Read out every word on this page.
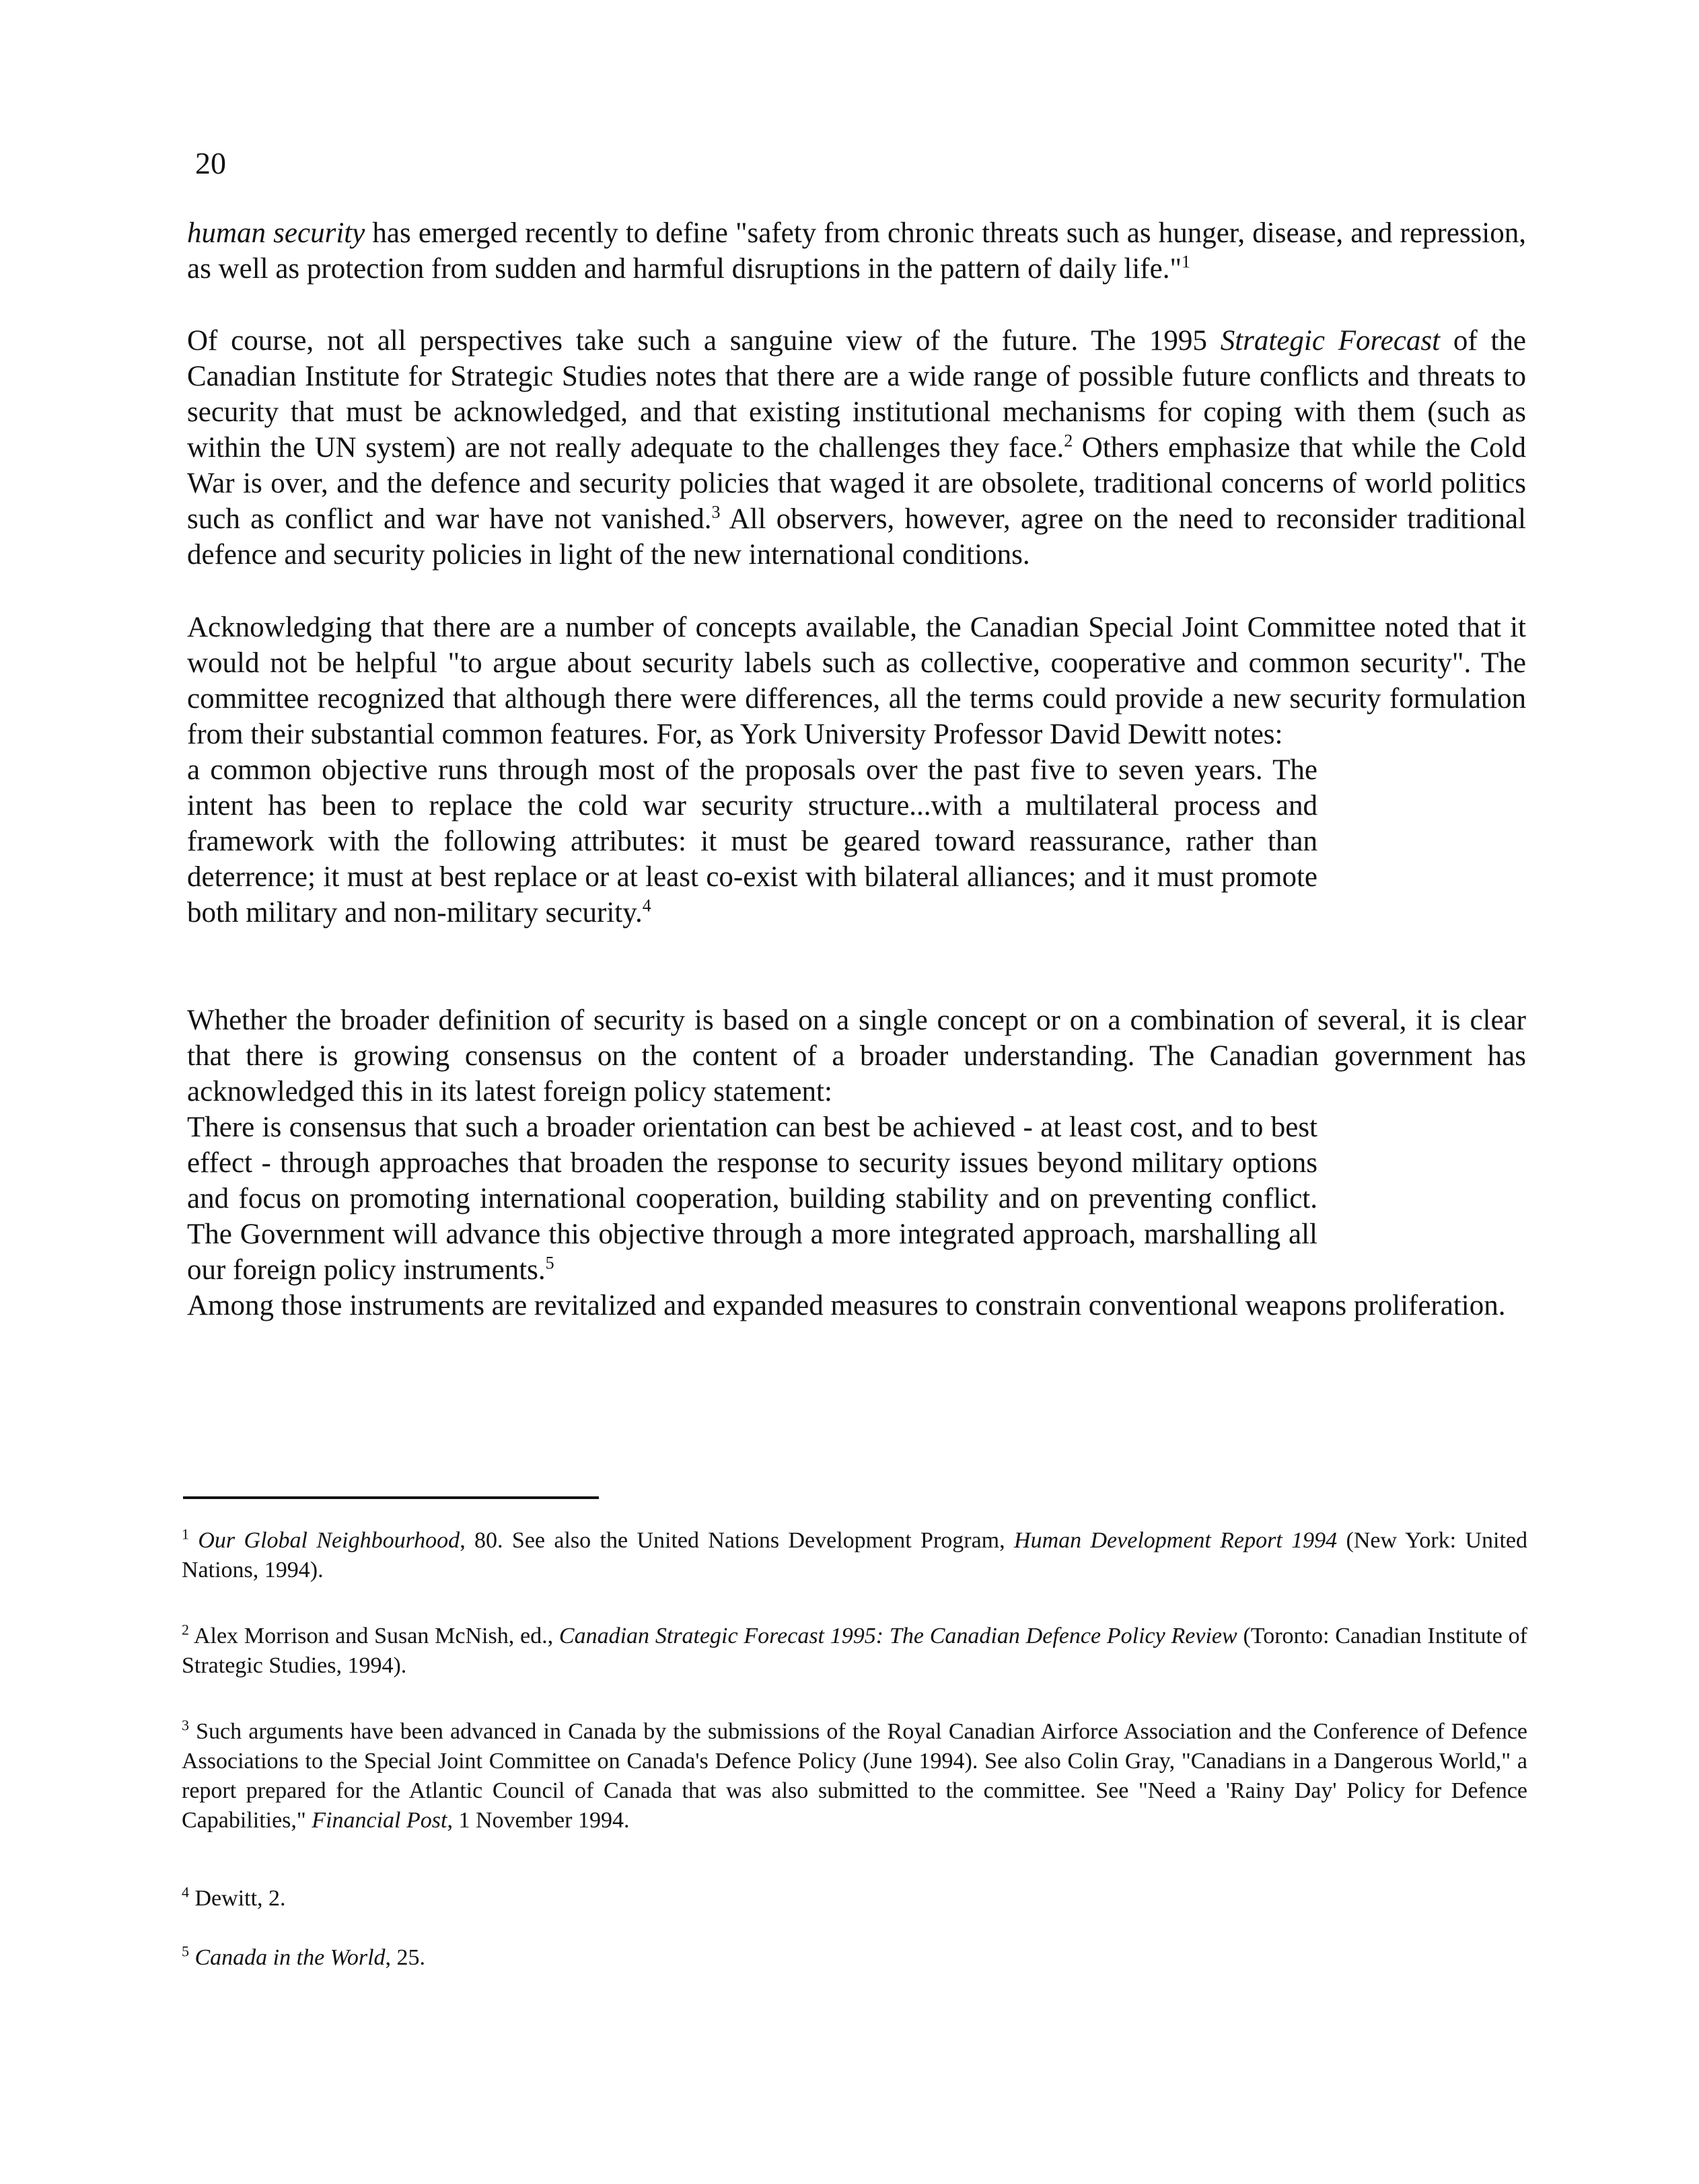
20

human security has emerged recently to define "safety from chronic threats such as hunger, disease, and repression, as well as protection from sudden and harmful disruptions in the pattern of daily life."$^1$

Of course, not all perspectives take such a sanguine view of the future. The 1995 Strategic Forecast of the Canadian Institute for Strategic Studies notes that there are a wide range of possible future conflicts and threats to security that must be acknowledged, and that existing institutional mechanisms for coping with them (such as within the UN system) are not really adequate to the challenges they face.$^2$ Others emphasize that while the Cold War is over, and the defence and security policies that waged it are obsolete, traditional concerns of world politics such as conflict and war have not vanished.$^3$ All observers, however, agree on the need to reconsider traditional defence and security policies in light of the new international conditions.

Acknowledging that there are a number of concepts available, the Canadian Special Joint Committee noted that it would not be helpful "to argue about security labels such as collective, cooperative and common security". The committee recognized that although there were differences, all the terms could provide a new security formulation from their substantial common features. For, as York University Professor David Dewitt notes:

a common objective runs through most of the proposals over the past five to seven years. The intent has been to replace the cold war security structure...with a multilateral process and framework with the following attributes: it must be geared toward reassurance, rather than deterrence; it must at best replace or at least co-exist with bilateral alliances; and it must promote both military and non-military security.$^4$

Whether the broader definition of security is based on a single concept or on a combination of several, it is clear that there is growing consensus on the content of a broader understanding. The Canadian government has acknowledged this in its latest foreign policy statement:

There is consensus that such a broader orientation can best be achieved - at least cost, and to best effect - through approaches that broaden the response to security issues beyond military options and focus on promoting international cooperation, building stability and on preventing conflict. The Government will advance this objective through a more integrated approach, marshalling all our foreign policy instruments.$^5$

Among those instruments are revitalized and expanded measures to constrain conventional weapons proliferation.

$^1$ Our Global Neighbourhood, 80. See also the United Nations Development Program, Human Development Report 1994 (New York: United Nations, 1994).
$^2$ Alex Morrison and Susan McNish, ed., Canadian Strategic Forecast 1995: The Canadian Defence Policy Review (Toronto: Canadian Institute of Strategic Studies, 1994).
$^3$ Such arguments have been advanced in Canada by the submissions of the Royal Canadian Airforce Association and the Conference of Defence Associations to the Special Joint Committee on Canada's Defence Policy (June 1994). See also Colin Gray, "Canadians in a Dangerous World," a report prepared for the Atlantic Council of Canada that was also submitted to the committee. See "Need a 'Rainy Day' Policy for Defence Capabilities," Financial Post, 1 November 1994.
$^4$ Dewitt, 2.
$^5$ Canada in the World, 25.
